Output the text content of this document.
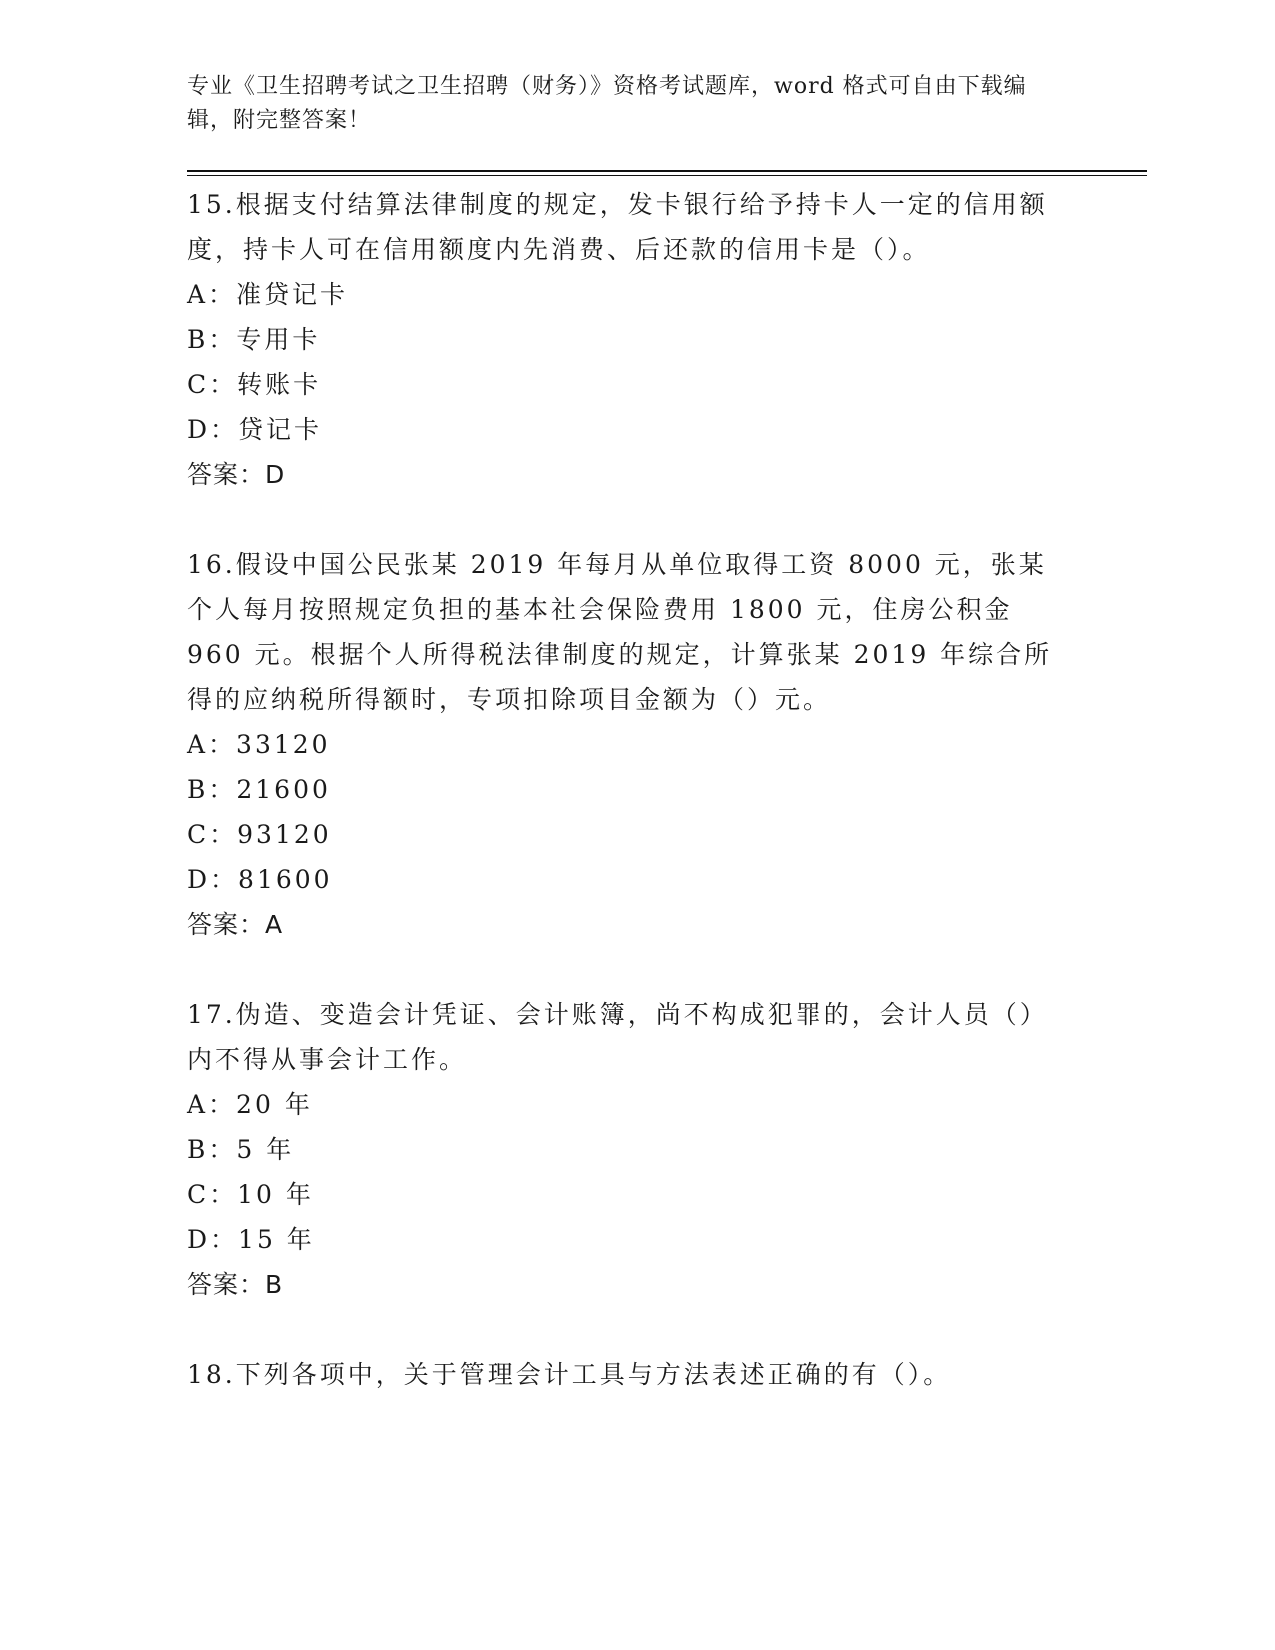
专业《卫生招聘考试之卫生招聘（财务）》资格考试题库，word 格式可自由下载编辑，附完整答案！

15.根据支付结算法律制度的规定，发卡银行给予持卡人一定的信用额度，持卡人可在信用额度内先消费、后还款的信用卡是（）。

A：准贷记卡

B：专用卡

C：转账卡

D：贷记卡

答案：D

16.假设中国公民张某 2019 年每月从单位取得工资 8000 元，张某个人每月按照规定负担的基本社会保险费用 1800 元，住房公积金 960 元。根据个人所得税法律制度的规定，计算张某 2019 年综合所得的应纳税所得额时，专项扣除项目金额为（）元。

A：33120

B：21600

C：93120

D：81600

答案：A

17.伪造、变造会计凭证、会计账簿，尚不构成犯罪的，会计人员（）内不得从事会计工作。

A：20 年

B：5 年

C：10 年

D：15 年

答案：B

18.下列各项中，关于管理会计工具与方法表述正确的有（）。
